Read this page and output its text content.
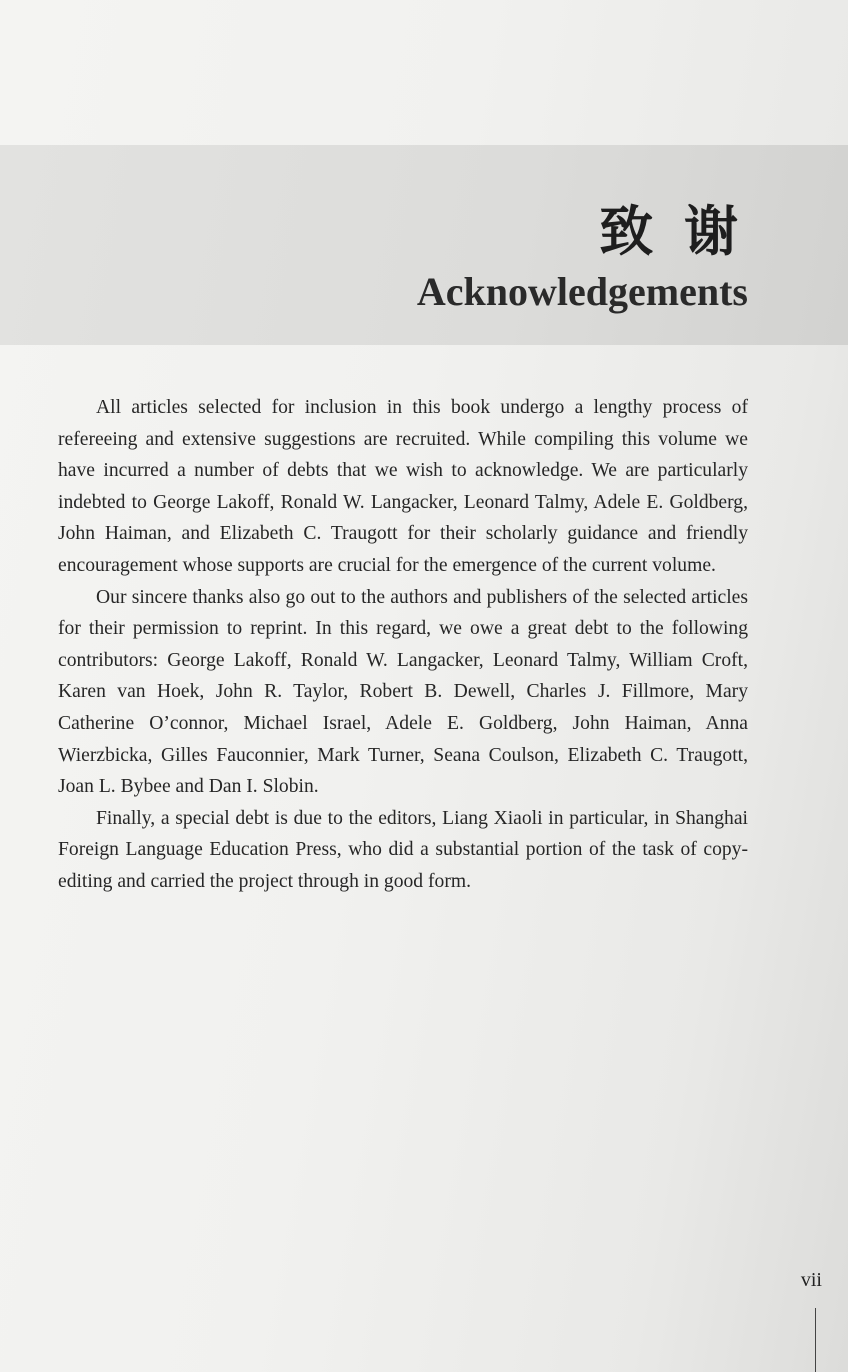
致 谢
Acknowledgements

All articles selected for inclusion in this book undergo a lengthy process of refereeing and extensive suggestions are recruited. While compiling this volume we have incurred a number of debts that we wish to acknowledge. We are particularly indebted to George Lakoff, Ronald W. Langacker, Leonard Talmy, Adele E. Goldberg, John Haiman, and Elizabeth C. Traugott for their scholarly guidance and friendly encouragement whose supports are crucial for the emergence of the current volume.

Our sincere thanks also go out to the authors and publishers of the selected articles for their permission to reprint. In this regard, we owe a great debt to the following contributors: George Lakoff, Ronald W. Langacker, Leonard Talmy, William Croft, Karen van Hoek, John R. Taylor, Robert B. Dewell, Charles J. Fillmore, Mary Catherine O’connor, Michael Israel, Adele E. Goldberg, John Haiman, Anna Wierzbicka, Gilles Fauconnier, Mark Turner, Seana Coulson, Elizabeth C. Traugott, Joan L. Bybee and Dan I. Slobin.

Finally, a special debt is due to the editors, Liang Xiaoli in particular, in Shanghai Foreign Language Education Press, who did a substantial portion of the task of copy-editing and carried the project through in good form.

vii
